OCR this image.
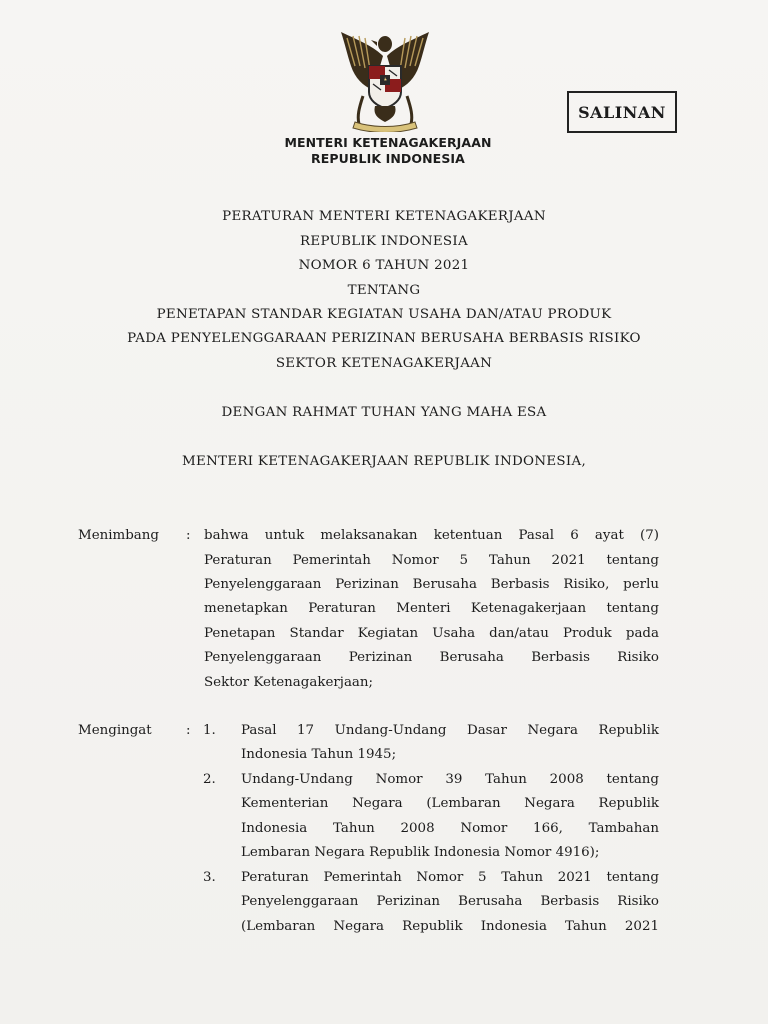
MENTERI KETENAGAKERJAAN
REPUBLIK INDONESIA
SALINAN
PERATURAN MENTERI KETENAGAKERJAAN
REPUBLIK INDONESIA
NOMOR 6 TAHUN 2021
TENTANG
PENETAPAN STANDAR KEGIATAN USAHA DAN/ATAU PRODUK
PADA PENYELENGGARAAN PERIZINAN BERUSAHA BERBASIS RISIKO
SEKTOR KETENAGAKERJAAN
DENGAN RAHMAT TUHAN YANG MAHA ESA
MENTERI KETENAGAKERJAAN REPUBLIK INDONESIA,
Menimbang : bahwa untuk melaksanakan ketentuan Pasal 6 ayat (7)
Peraturan Pemerintah Nomor 5 Tahun 2021 tentang
Penyelenggaraan Perizinan Berusaha Berbasis Risiko, perlu
menetapkan Peraturan Menteri Ketenagakerjaan tentang
Penetapan Standar Kegiatan Usaha dan/atau Produk pada
Penyelenggaraan Perizinan Berusaha Berbasis Risiko
Sektor Ketenagakerjaan;
Mengingat	: 1. Pasal 17 Undang-Undang Dasar Negara Republik
Indonesia Tahun 1945;
2. Undang-Undang Nomor 39 Tahun 2008 tentang
Kementerian Negara (Lembaran Negara Republik
Indonesia Tahun 2008 Nomor 166, Tambahan
Lembaran Negara Republik Indonesia Nomor 4916);
3. Peraturan Pemerintah Nomor 5 Tahun 2021 tentang
Penyelenggaraan Perizinan Berusaha Berbasis Risiko
(Lembaran Negara Republik Indonesia Tahun 2021
